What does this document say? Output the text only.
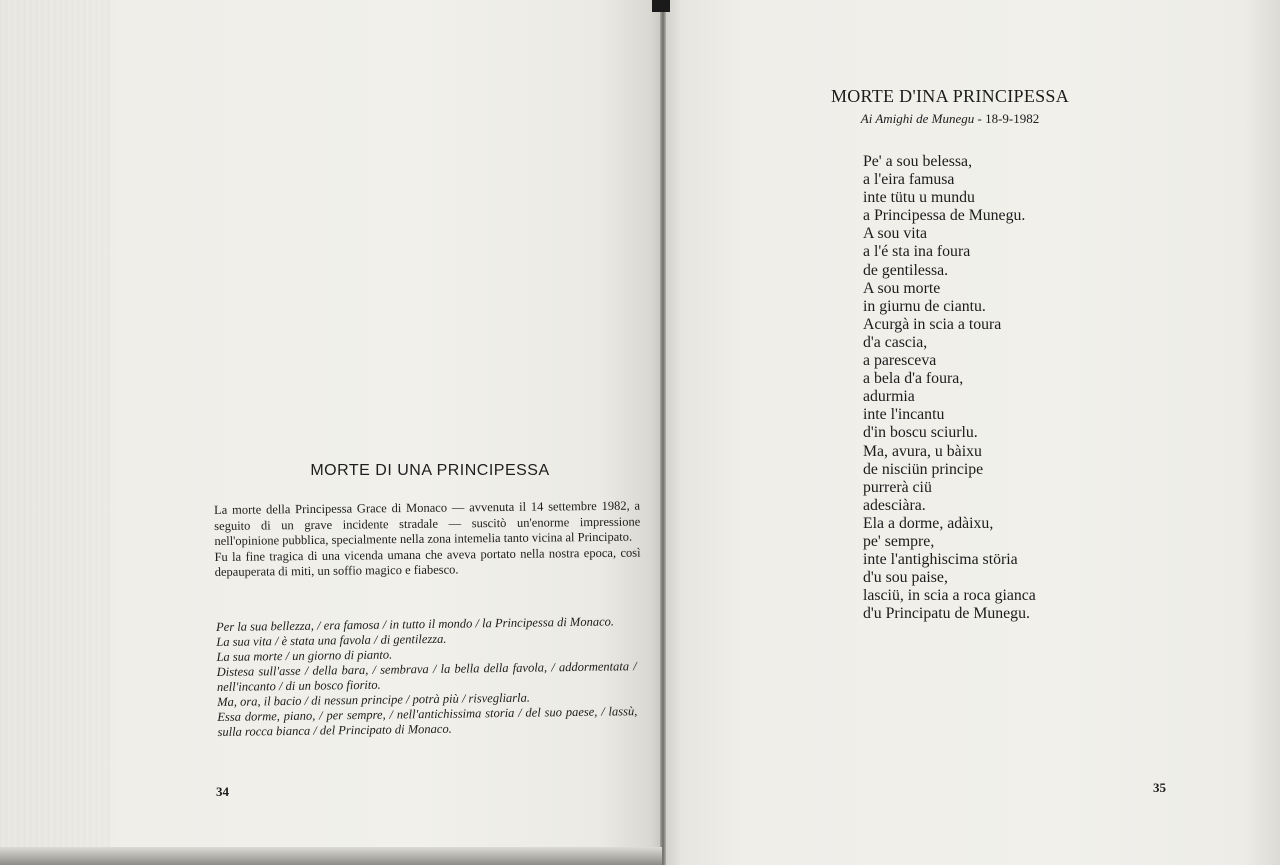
MORTE DI UNA PRINCIPESSA

La morte della Principessa Grace di Monaco — avvenuta il 14 settembre 1982, a seguito di un grave incidente stradale — suscitò un'enorme impressione nell'opinione pubblica, specialmente nella zona intemelia tanto vicina al Principato.

Fu la fine tragica di una vicenda umana che aveva portato nella nostra epoca, così depauperata di miti, un soffio magico e fiabesco.

Per la sua bellezza, / era famosa / in tutto il mondo / la Principessa di Monaco.

La sua vita / è stata una favola / di gentilezza.

La sua morte / un giorno di pianto.

Distesa sull'asse / della bara, / sembrava / la bella della favola, / addormentata / nell'incanto / di un bosco fiorito.

Ma, ora, il bacio / di nessun principe / potrà più / risvegliarla.

Essa dorme, piano, / per sempre, / nell'antichissima storia / del suo paese, / lassù, sulla rocca bianca / del Principato di Monaco.

34
MORTE D'INA PRINCIPESSA
Ai Amighi de Munegu - 18-9-1982
Pe' a sou belessa,
a l'eira famusa
inte tütu u mundu
a Principessa de Munegu.
A sou vita
a l'é sta ina foura
de gentilessa.
A sou morte
in giurnu de ciantu.
Acurgà in scia a toura
d'a cascia,
a paresceva
a bela d'a foura,
adurmia
inte l'incantu
d'in boscu sciurlu.
Ma, avura, u bàixu
de nisciün principe
purrerà ciü
adesciàra.
Ela a dorme, adàixu,
pe' sempre,
inte l'antighiscima störia
d'u sou paise,
lasciü, in scia a roca gianca
d'u Principatu de Munegu.
35
